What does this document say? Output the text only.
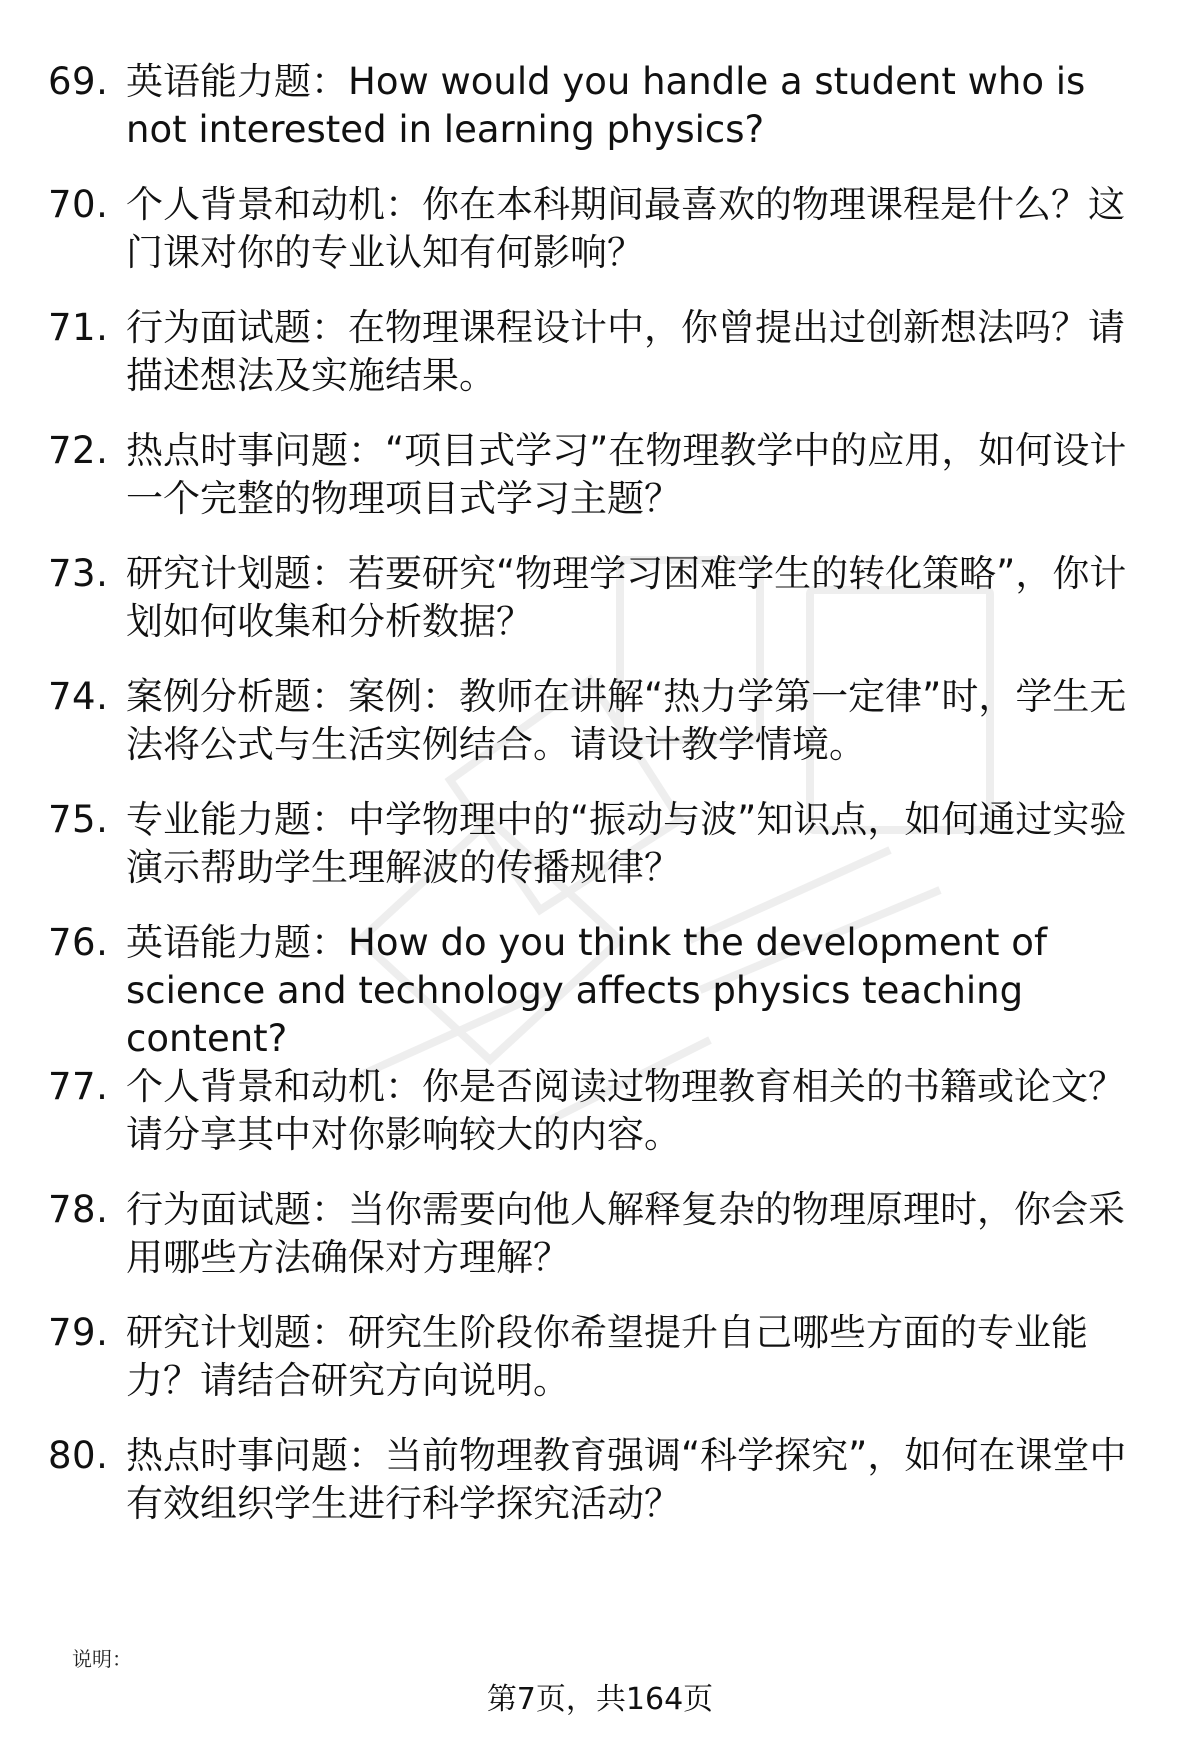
69. 英语能力题：How would you handle a student who is not interested in learning physics?
70. 个人背景和动机：你在本科期间最喜欢的物理课程是什么？这门课对你的专业认知有何影响？
71. 行为面试题：在物理课程设计中，你曾提出过创新想法吗？请描述想法及实施结果。
72. 热点时事问题：“项目式学习”在物理教学中的应用，如何设计一个完整的物理项目式学习主题？
73. 研究计划题：若要研究“物理学习困难学生的转化策略”，你计划如何收集和分析数据？
74. 案例分析题：案例：教师在讲解“热力学第一定律”时，学生无法将公式与生活实例结合。请设计教学情境。
75. 专业能力题：中学物理中的“振动与波”知识点，如何通过实验演示帮助学生理解波的传播规律？
76. 英语能力题：How do you think the development of science and technology affects physics teaching content?
77. 个人背景和动机：你是否阅读过物理教育相关的书籍或论文？请分享其中对你影响较大的内容。
78. 行为面试题：当你需要向他人解释复杂的物理原理时，你会采用哪些方法确保对方理解？
79. 研究计划题：研究生阶段你希望提升自己哪些方面的专业能力？请结合研究方向说明。
80. 热点时事问题：当前物理教育强调“科学探究”，如何在课堂中有效组织学生进行科学探究活动？
说明：
第7页，共164页
